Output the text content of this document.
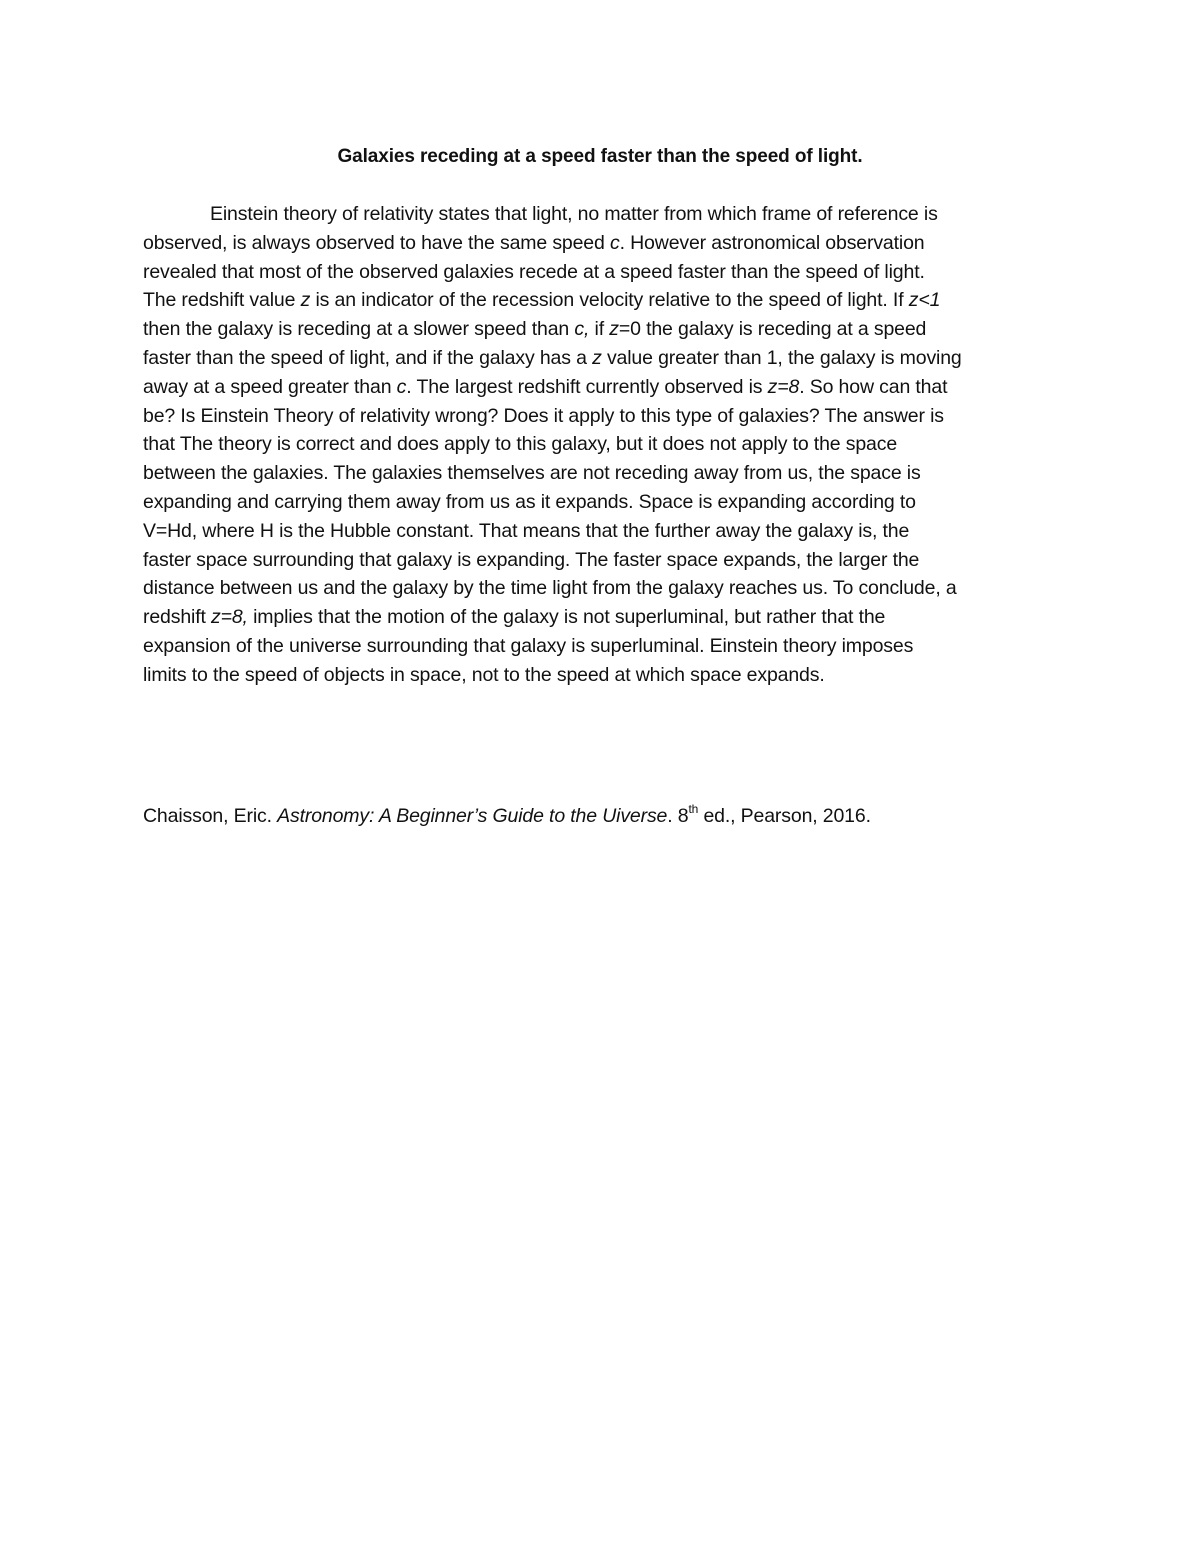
Galaxies receding at a speed faster than the speed of light.
Einstein theory of relativity states that light, no matter from which frame of reference is
observed, is always observed to have the same speed c. However astronomical observation
revealed that most of the observed galaxies recede at a speed faster than the speed of light.
The redshift value z is an indicator of the recession velocity relative to the speed of light. If z<1
then the galaxy is receding at a slower speed than c, if z=0 the galaxy is receding at a speed
faster than the speed of light, and if the galaxy has a z value greater than 1, the galaxy is moving
away at a speed greater than c. The largest redshift currently observed is z=8. So how can that
be? Is Einstein Theory of relativity wrong? Does it apply to this type of galaxies? The answer is
that The theory is correct and does apply to this galaxy, but it does not apply to the space
between the galaxies. The galaxies themselves are not receding away from us, the space is
expanding and carrying them away from us as it expands. Space is expanding according to
V=Hd, where H is the Hubble constant. That means that the further away the galaxy is, the
faster space surrounding that galaxy is expanding. The faster space expands, the larger the
distance between us and the galaxy by the time light from the galaxy reaches us. To conclude, a
redshift z=8, implies that the motion of the galaxy is not superluminal, but rather that the
expansion of the universe surrounding that galaxy is superluminal. Einstein theory imposes
limits to the speed of objects in space, not to the speed at which space expands.
Chaisson, Eric. Astronomy: A Beginner’s Guide to the Uiverse. 8th ed., Pearson, 2016.
